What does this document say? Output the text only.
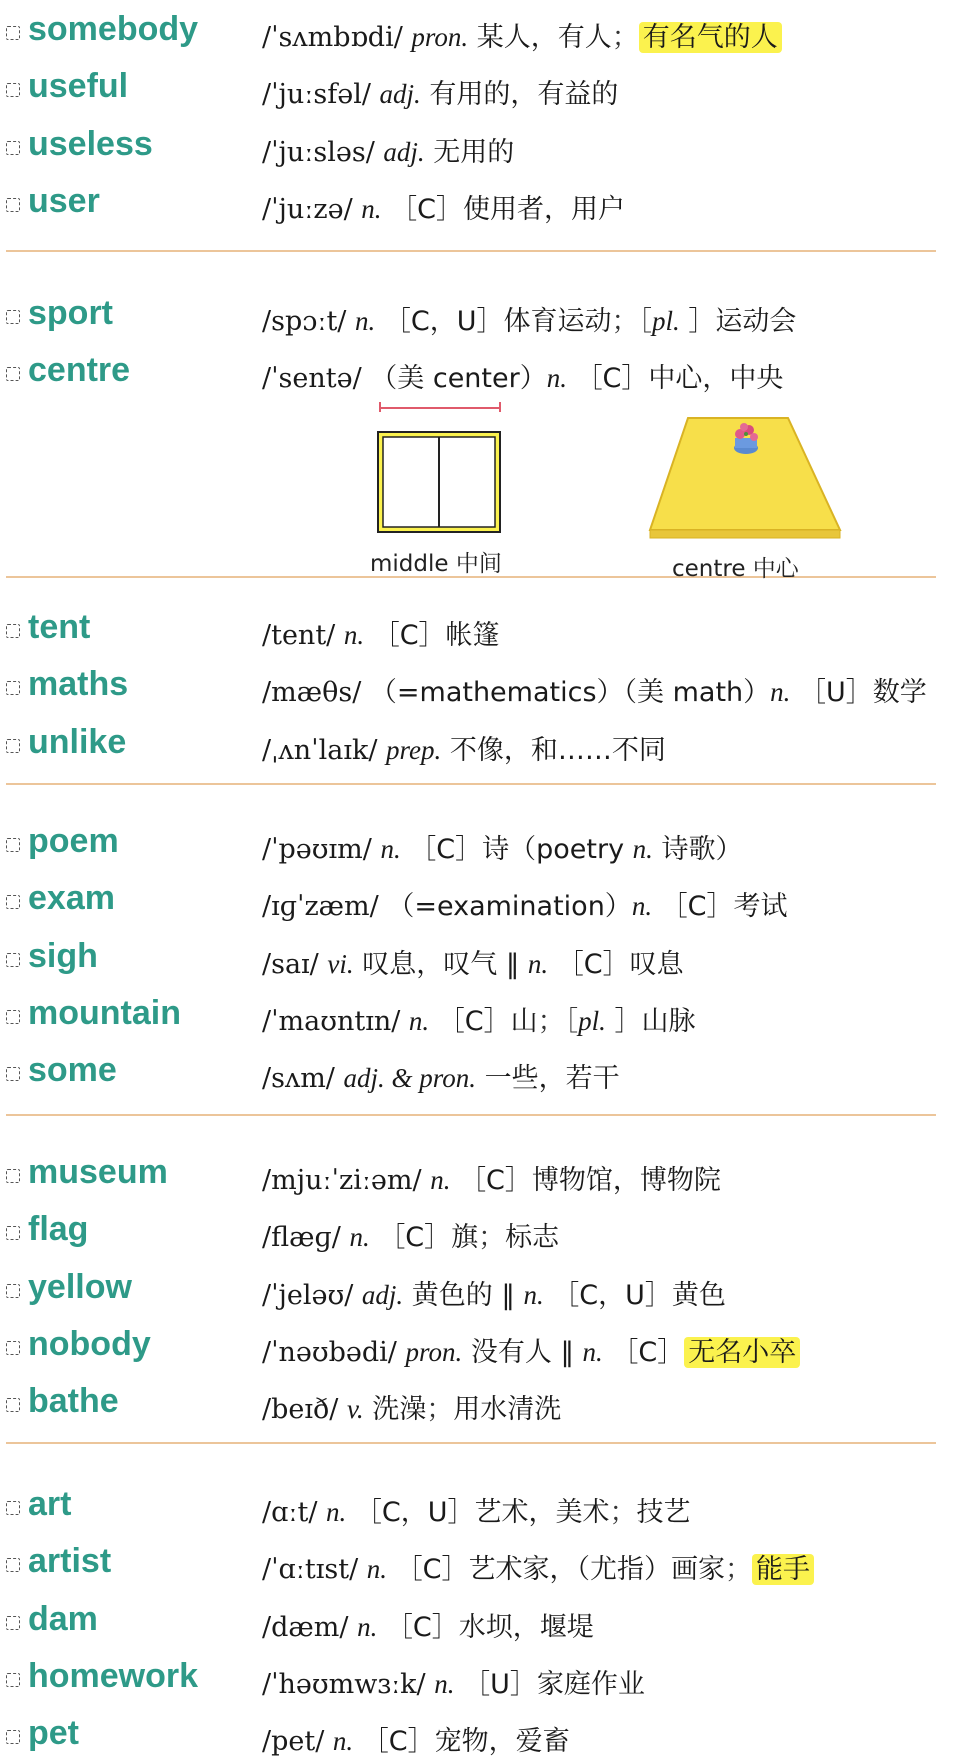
somebody /ˈsʌmbɒdi/ pron. 某人，有人； 有名气的人
useful	/ˈjuːsfəl/ adj. 有用的，有益的
useless	/ˈjuːsləs/ adj. 无用的
user	/ˈjuːzə/ n. ［C］使用者，用户
sport	/spɔːt/ n. ［C，U］体育运动；［pl. ］运动会
centre	/ˈsentə/ （美 center）n. ［C］中心，中央
tent	/tent/ n. ［C］帐篷
maths	/mæθs/ （=mathematics）（美 math）n. ［U］数学
unlike	/ˌʌnˈlaɪk/ prep. 不像，和……不同
poem	/ˈpəʊɪm/ n. ［C］诗（poetry n. 诗歌）
exam	/ɪɡˈzæm/ （=examination）n. ［C］考试
sigh	/saɪ/ vi. 叹息，叹气 ‖ n. ［C］叹息
mountain	/ˈmaʊntɪn/ n. ［C］山；［pl. ］山脉
some	/sʌm/ adj. & pron. 一些，若干
museum	/mjuːˈziːəm/ n. ［C］博物馆，博物院
flag	/flæɡ/ n. ［C］旗；标志
yellow	/ˈjeləʊ/ adj. 黄色的 ‖ n. ［C，U］黄色
nobody	/ˈnəʊbədi/ pron. 没有人 ‖ n. ［C］ 无名小卒
bathe	/beɪð/ v. 洗澡；用水清洗
art	/ɑːt/ n. ［C，U］艺术，美术；技艺
artist	/ˈɑːtɪst/ n. ［C］艺术家，（尤指）画家； 能手
dam	/dæm/ n. ［C］水坝，堰堤
homework /ˈhəʊmwɜːk/ n. ［U］家庭作业
pet	/pet/ n. ［C］宠物，爱畜
middle 中间	centre 中心
